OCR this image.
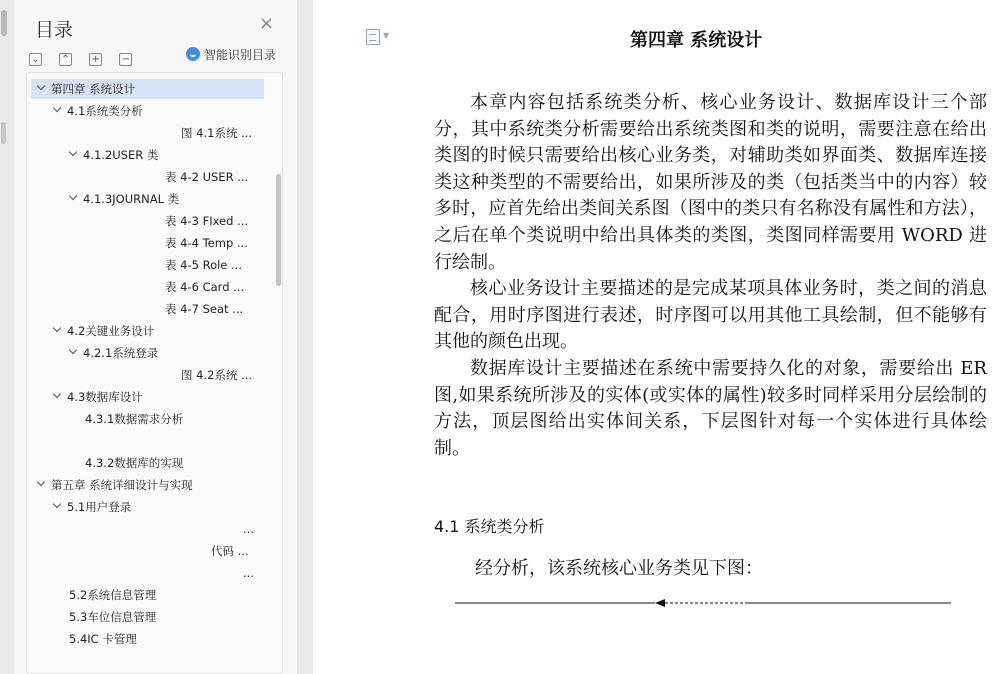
目录	×
⌄ ⌃ + −	智能识别目录
第四章 系统设计
4.1系统类分析
图 4.1系统 ...
4.1.2USER 类
表 4-2 USER ...
4.1.3JOURNAL 类
表 4-3 FIxed ...
表 4-4 Temp ...
表 4-5 Role ...
表 4-6 Card ...
表 4-7 Seat ...
4.2关键业务设计
4.2.1系统登录
图 4.2系统 ...
4.3数据库设计
4.3.1数据需求分析
4.3.2数据库的实现
第五章 系统详细设计与实现
5.1用户登录
...
代码 ...
...
5.2系统信息管理
5.3车位信息管理
5.4IC 卡管理
▼	第四章 系统设计

本章内容包括系统类分析、核心业务设计、数据库设计三个部分，其中系统类分析需要给出系统类图和类的说明，需要注意在给出类图的时候只需要给出核心业务类，对辅助类如界面类、数据库连接类这种类型的不需要给出，如果所涉及的类（包括类当中的内容）较多时，应首先给出类间关系图（图中的类只有名称没有属性和方法），之后在单个类说明中给出具体类的类图，类图同样需要用 WORD 进行绘制。

核心业务设计主要描述的是完成某项具体业务时，类之间的消息配合，用时序图进行表述，时序图可以用其他工具绘制，但不能够有其他的颜色出现。

数据库设计主要描述在系统中需要持久化的对象，需要给出 ER 图,如果系统所涉及的实体(或实体的属性)较多时同样采用分层绘制的方法，顶层图给出实体间关系，下层图针对每一个实体进行具体绘制。

4.1 系统类分析
经分析，该系统核心业务类见下图：
